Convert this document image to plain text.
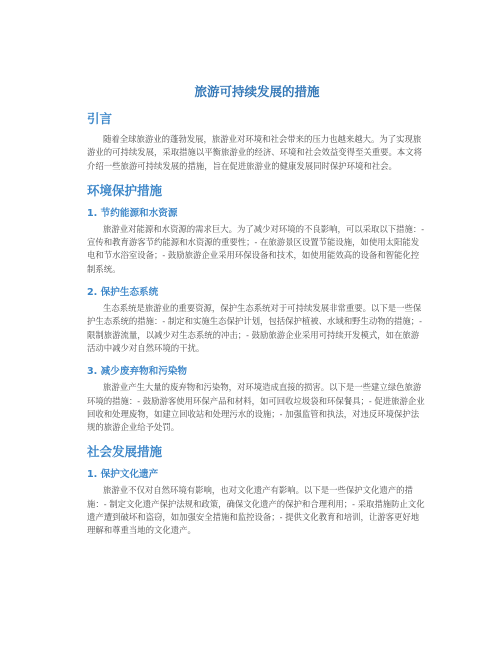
旅游可持续发展的措施
引言

随着全球旅游业的蓬勃发展，旅游业对环境和社会带来的压力也越来越大。为了实现旅游业的可持续发展，采取措施以平衡旅游业的经济、环境和社会效益变得至关重要。本文将介绍一些旅游可持续发展的措施，旨在促进旅游业的健康发展同时保护环境和社会。

环境保护措施
1. 节约能源和水资源

旅游业对能源和水资源的需求巨大。为了减少对环境的不良影响，可以采取以下措施：- 宣传和教育游客节约能源和水资源的重要性；- 在旅游景区设置节能设施，如使用太阳能发电和节水浴室设备；- 鼓励旅游企业采用环保设备和技术，如使用能效高的设备和智能化控制系统。

2. 保护生态系统

生态系统是旅游业的重要资源，保护生态系统对于可持续发展非常重要。以下是一些保护生态系统的措施：- 制定和实施生态保护计划，包括保护植被、水域和野生动物的措施；- 限制旅游流量，以减少对生态系统的冲击；- 鼓励旅游企业采用可持续开发模式，如在旅游活动中减少对自然环境的干扰。

3. 减少废弃物和污染物

旅游业产生大量的废弃物和污染物，对环境造成直接的损害。以下是一些建立绿色旅游环境的措施：- 鼓励游客使用环保产品和材料，如可回收垃圾袋和环保餐具；- 促进旅游企业回收和处理废物，如建立回收站和处理污水的设施；- 加强监管和执法，对违反环境保护法规的旅游企业给予处罚。

社会发展措施
1. 保护文化遗产

旅游业不仅对自然环境有影响，也对文化遗产有影响。以下是一些保护文化遗产的措施：- 制定文化遗产保护法规和政策，确保文化遗产的保护和合理利用；- 采取措施防止文化遗产遭到破坏和盗窃，如加强安全措施和监控设备；- 提供文化教育和培训，让游客更好地理解和尊重当地的文化遗产。
